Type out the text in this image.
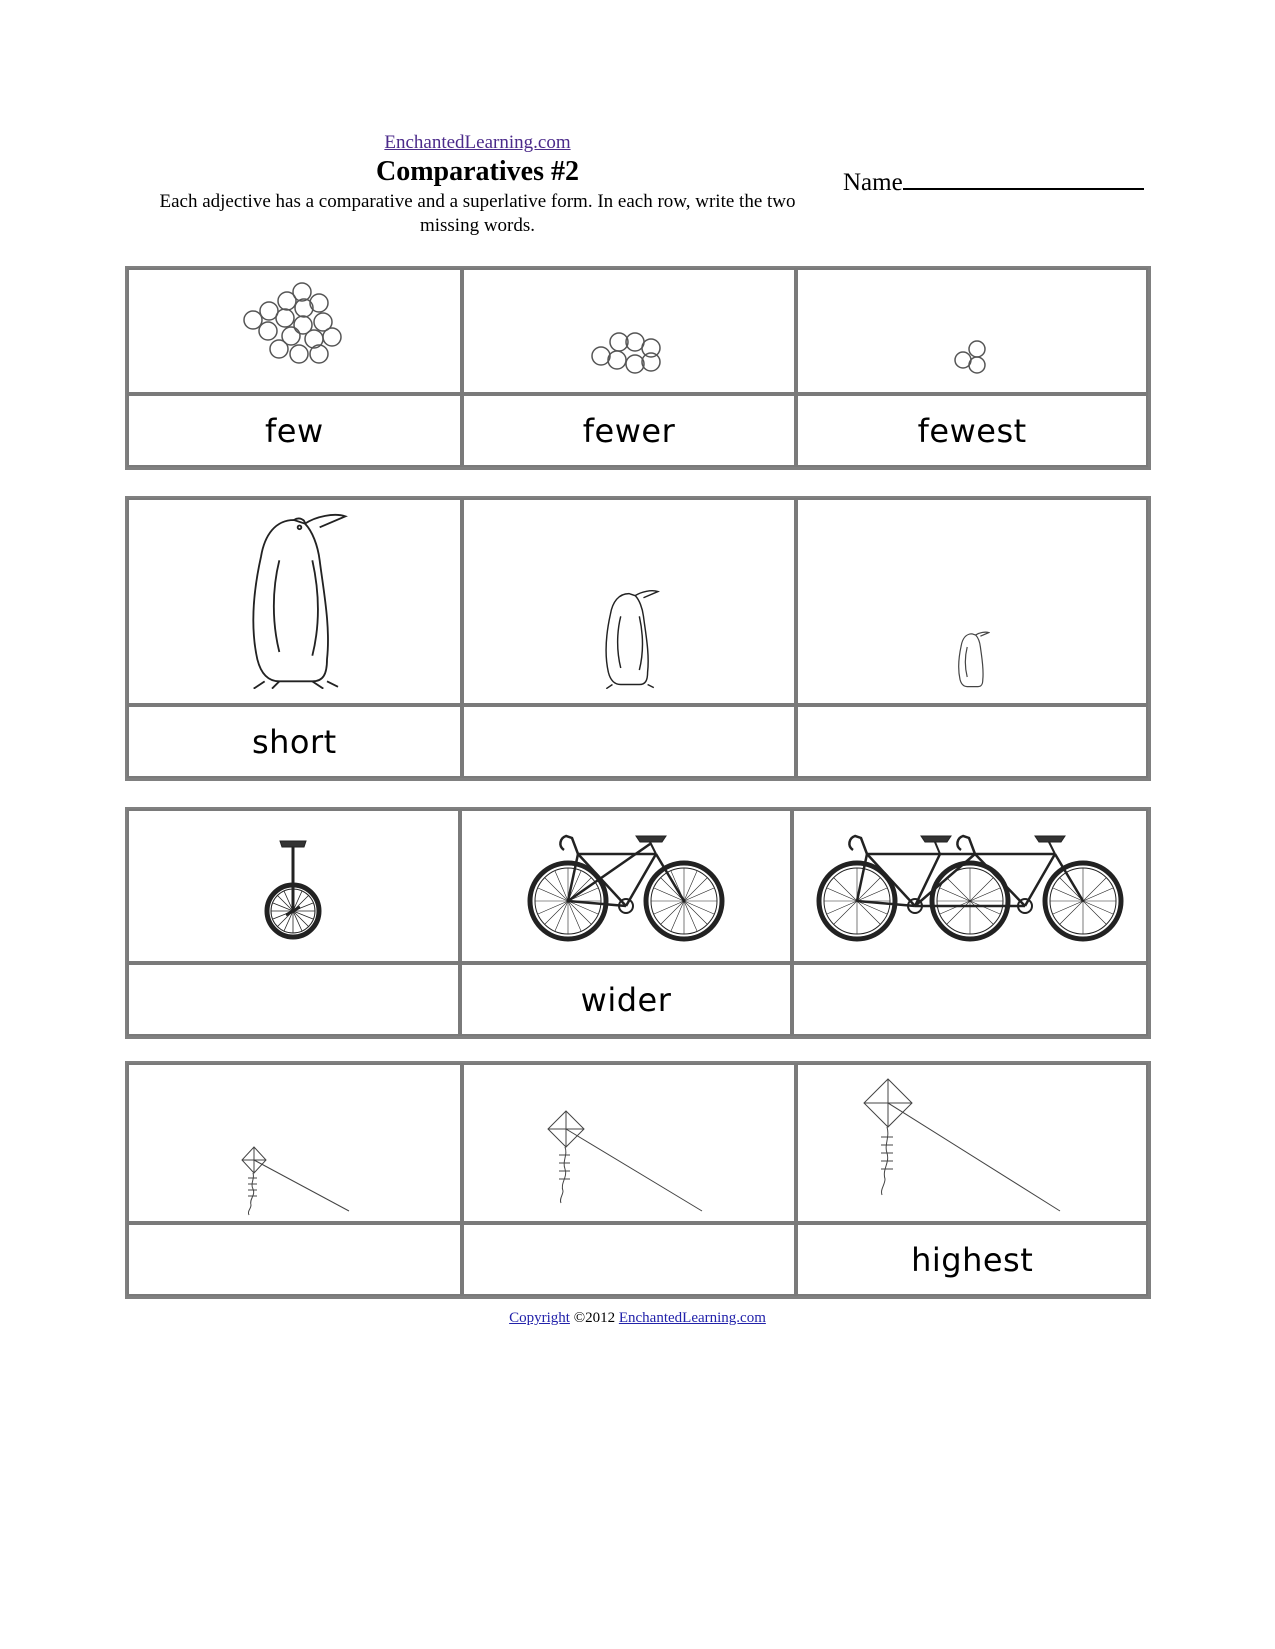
EnchantedLearning.com
Comparatives #2
Each adjective has a comparative and a superlative form. In each row, write the two missing words.
Name
few	fewer	fewest
short
wider
highest
Copyright ©2012 EnchantedLearning.com
